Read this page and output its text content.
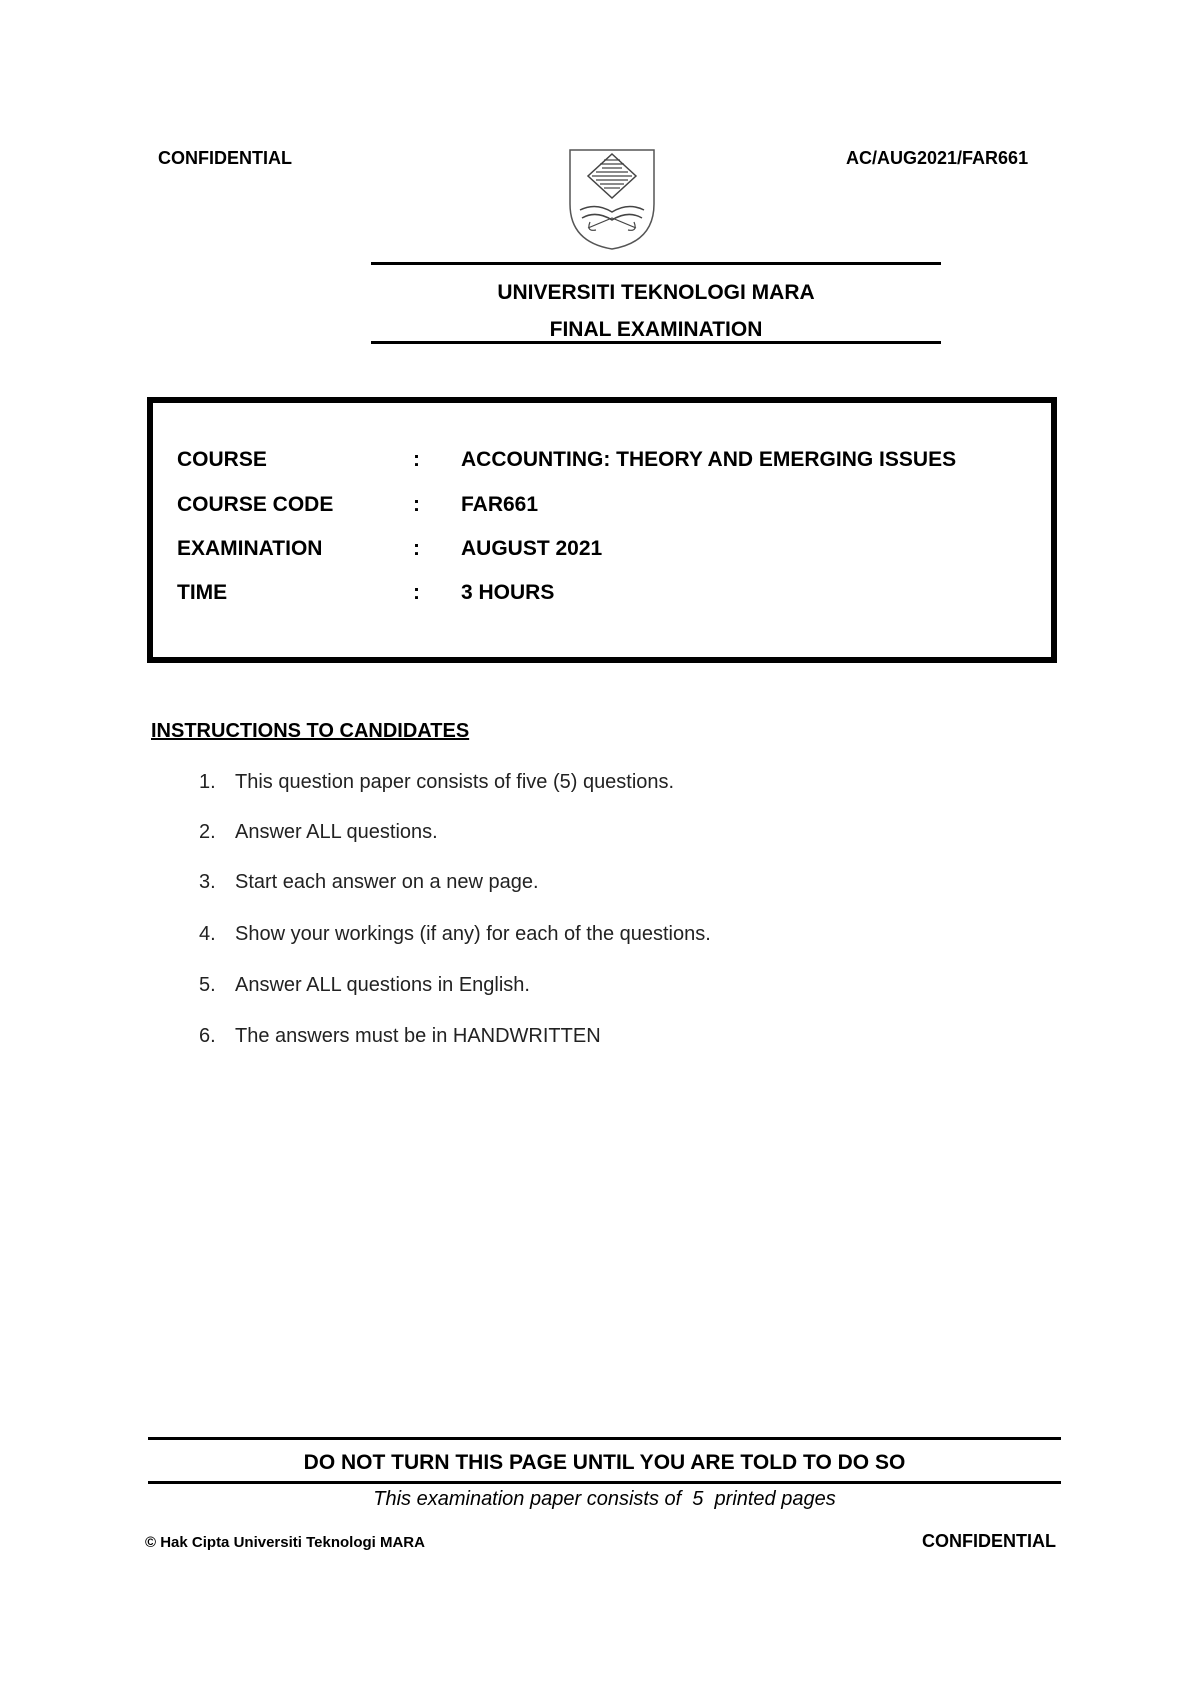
CONFIDENTIAL	AC/AUG2021/FAR661
UNIVERSITI TEKNOLOGI MARA
FINAL EXAMINATION
COURSE	: ACCOUNTING: THEORY AND EMERGING ISSUES
COURSE CODE	: FAR661
EXAMINATION	: AUGUST 2021
TIME	: 3 HOURS
INSTRUCTIONS TO CANDIDATES
1. This question paper consists of five (5) questions.
2. Answer ALL questions.
3. Start each answer on a new page.
4. Show your workings (if any) for each of the questions.
5. Answer ALL questions in English.
6. The answers must be in HANDWRITTEN
DO NOT TURN THIS PAGE UNTIL YOU ARE TOLD TO DO SO
This examination paper consists of  5  printed pages
© Hak Cipta Universiti Teknologi MARA	CONFIDENTIAL
